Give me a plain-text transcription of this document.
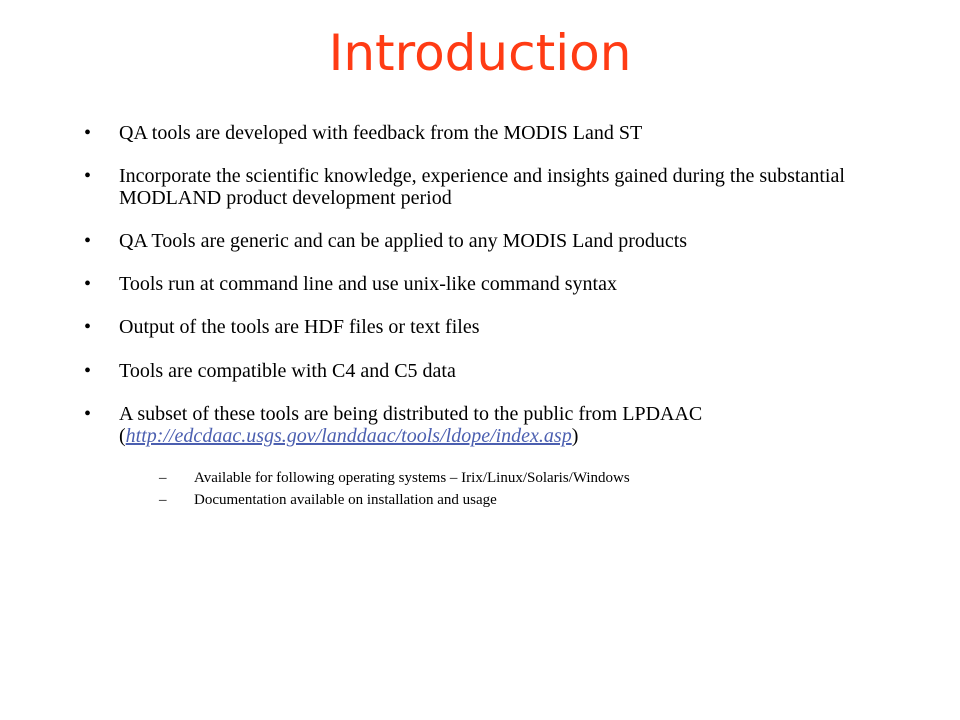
Introduction
•	QA tools are developed with feedback from the MODIS Land ST
•	Incorporate the scientific knowledge, experience and insights gained during the substantial MODLAND product development period
•	QA Tools are generic and can be applied to any MODIS Land products
•	Tools run at command line and use unix-like command syntax
•	Output of the tools are HDF files or text files
•	Tools are compatible with C4 and C5 data
•	A subset of these tools are being distributed to the public from LPDAAC (http://edcdaac.usgs.gov/landdaac/tools/ldope/index.asp)
– Available for following operating systems – Irix/Linux/Solaris/Windows
– Documentation available on installation and usage
